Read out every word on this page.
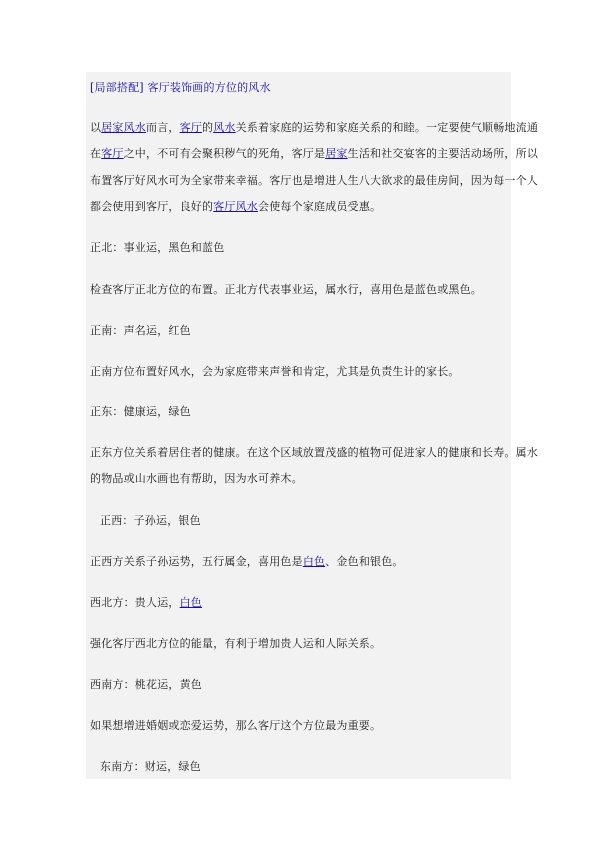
[局部搭配] 客厅装饰画的方位的风水
以居家风水而言，客厅的风水关系着家庭的运势和家庭关系的和睦。一定要使气顺畅地流通
在客厅之中，不可有会聚积秽气的死角，客厅是居家生活和社交宴客的主要活动场所，所以
布置客厅好风水可为全家带来幸福。客厅也是增进人生八大欲求的最佳房间，因为每一个人
都会使用到客厅，良好的客厅风水会使每个家庭成员受惠。
正北：事业运，黑色和蓝色
检查客厅正北方位的布置。正北方代表事业运，属水行，喜用色是蓝色或黑色。
正南：声名运，红色
正南方位布置好风水，会为家庭带来声誉和肯定，尤其是负责生计的家长。
正东：健康运，绿色
正东方位关系着居住者的健康。在这个区域放置茂盛的植物可促进家人的健康和长寿。属水
的物品或山水画也有帮助，因为水可养木。
正西：子孙运，银色
正西方关系子孙运势，五行属金，喜用色是白色、金色和银色。
西北方：贵人运，白色
强化客厅西北方位的能量，有利于增加贵人运和人际关系。
西南方：桃花运，黄色
如果想增进婚姻或恋爱运势，那么客厅这个方位最为重要。
东南方：财运，绿色
